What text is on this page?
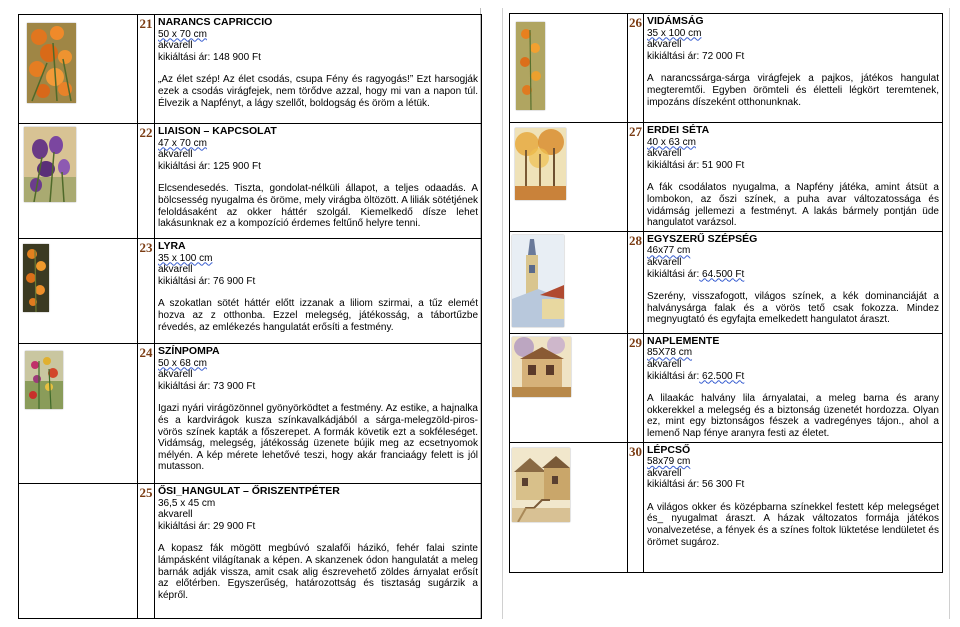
	21	NARANCS CAPRICCIO
50 x 70 cm
akvarell
kikiáltási ár: 148 900 Ft
„Az élet szép! Az élet csodás, csupa Fény és ragyogás!” Ezt harsogják ezek a csodás virágfejek, nem törődve azzal, hogy mi van a napon túl. Élvezik a Napfényt, a lágy szellőt, boldogság és öröm a létük.

	22	LIAISON – KAPCSOLAT
47 x 70 cm
akvarell
kikiáltási ár: 125 900 Ft
Elcsendesedés. Tiszta, gondolat-nélküli állapot, a teljes odaadás. A bölcsesség nyugalma és öröme, mely virágba öltözött. A liliák sötétjének feloldásaként az okker háttér szolgál. Kiemelkedő dísze lehet lakásunknak ez a kompozíció érdemes feltűnő helyre tenni.

	23	LYRA
35 x 100 cm
akvarell
kikiáltási ár: 76 900 Ft
A szokatlan sötét háttér előtt izzanak a liliom szirmai, a tűz elemét hozva az z otthonba. Ezzel melegség, játékosság, a tábortűzbe révedés, az emlékezés hangulatát erősíti a festmény.

	24	SZÍNPOMPA
50 x 68 cm
akvarell
kikiáltási ár: 73 900 Ft
Igazi nyári virágözönnel gyönyörködtet a festmény. Az estike, a hajnalka és a kardvirágok kusza színkavalkádjából a sárga-melegzöld-piros-vörös színek kapták a főszerepet. A formák követik ezt a sokféleséget. Vidámság, melegség, játékosság üzenete bújik meg az ecsetnyomok mélyén. A kép mérete lehetővé teszi, hogy akár franciaágy felett is jól mutasson.

	25	ŐSI_HANGULAT – ŐRISZENTPÉTER
36,5 x 45 cm
akvarell
kikiáltási ár: 29 900 Ft
A kopasz fák mögött megbúvó szalafői házikó, fehér falai szinte lámpásként világítanak a képen. A skanzenek ódon hangulatát a meleg barnák adják vissza, amit csak alig észrevehető zöldes árnyalat erősít az előtérben. Egyszerűség, határozottság és tisztaság sugárzik a képről.
	26	VIDÁMSÁG
35 x 100 cm
akvarell
kikiáltási ár: 72 000 Ft
A narancssárga-sárga virágfejek a pajkos, játékos hangulat megteremtői. Egyben örömteli és életteli légkört teremtenek, impozáns díszeként otthonunknak.

	27	ERDEI SÉTA
40 x 63 cm
akvarell
kikiáltási ár: 51 900 Ft
A fák csodálatos nyugalma, a Napfény játéka, amint átsüt a lombokon, az őszi színek, a puha avar változatossága és vidámság jellemezi a festményt. A lakás bármely pontján üde hangulatot varázsol.

	28	EGYSZERŰ SZÉPSÉG
46x77 cm
akvarell
kikiáltási ár: 64.500 Ft
Szerény, visszafogott, világos színek, a kék dominanciáját a halványsárga falak és a vörös tető csak fokozza. Mindez megnyugtató és egyfajta emelkedett hangulatot áraszt.

	29	NAPLEMENTE
85X78 cm
akvarell
kikiáltási ár: 62.500 Ft
A lilaakác halvány lila árnyalatai, a meleg barna és arany okkerekkel a melegség és a biztonság üzenetét hordozza. Olyan ez, mint egy biztonságos fészek a vadregényes tájon., ahol a lemenő Nap fénye aranyra festi az életet.

	30	LÉPCSŐ
58x79 cm
akvarell
kikiáltási ár: 56 300 Ft
A világos okker és középbarna színekkel festett kép melegséget és_ nyugalmat áraszt. A házak változatos formája játékos vonalvezetése, a fények és a színes foltok lüktetése lendületet és örömet sugároz.
